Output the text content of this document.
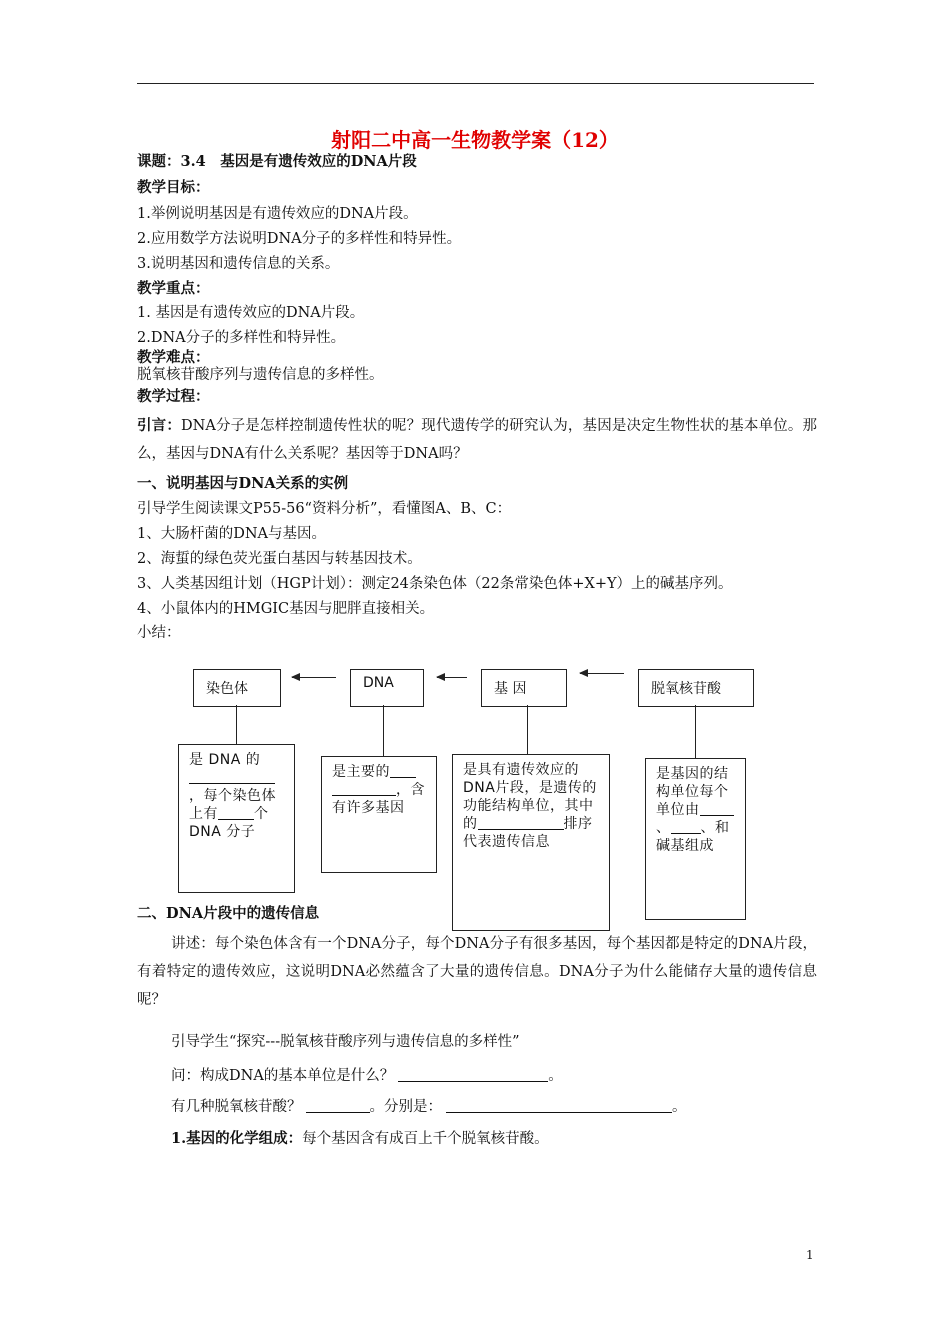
射阳二中高一生物教学案（12）
课题：3.4　基因是有遗传效应的DNA片段
教学目标：
1.举例说明基因是有遗传效应的DNA片段。
2.应用数学方法说明DNA分子的多样性和特异性。
3.说明基因和遗传信息的关系。
教学重点：
1. 基因是有遗传效应的DNA片段。
2.DNA分子的多样性和特异性。
教学难点：
脱氧核苷酸序列与遗传信息的多样性。
教学过程：
引言：DNA分子是怎样控制遗传性状的呢？现代遗传学的研究认为，基因是决定生物性状的基本单位。那么，基因与DNA有什么关系呢？基因等于DNA吗？
一、说明基因与DNA关系的实例
引导学生阅读课文P55-56“资料分析”，看懂图A、B、C：
1、大肠杆菌的DNA与基因。
2、海蜇的绿色荧光蛋白基因与转基因技术。
3、人类基因组计划（HGP计划）：测定24条染色体（22条常染色体+X+Y）上的碱基序列。
4、小鼠体内的HMGIC基因与肥胖直接相关。
小结：
染色体	DNA	基 因	脱氧核苷酸
是 DNA 的，每个染色体上有	个 DNA 分子
是主要的，含有许多基因
是具有遗传效应的DNA片段，是遗传的功能结构单位，其中的	排序代表遗传信息
是基因的结构单位每个单位由、 、和碱基组成
二、DNA片段中的遗传信息
讲述：每个染色体含有一个DNA分子，每个DNA分子有很多基因，每个基因都是特定的DNA片段，有着特定的遗传效应，这说明DNA必然蕴含了大量的遗传信息。DNA分子为什么能储存大量的遗传信息呢？
引导学生“探究---脱氧核苷酸序列与遗传信息的多样性”
问：构成DNA的基本单位是什么？	。
有几种脱氧核苷酸？	。分别是：	。
1.基因的化学组成：每个基因含有成百上千个脱氧核苷酸。
1
